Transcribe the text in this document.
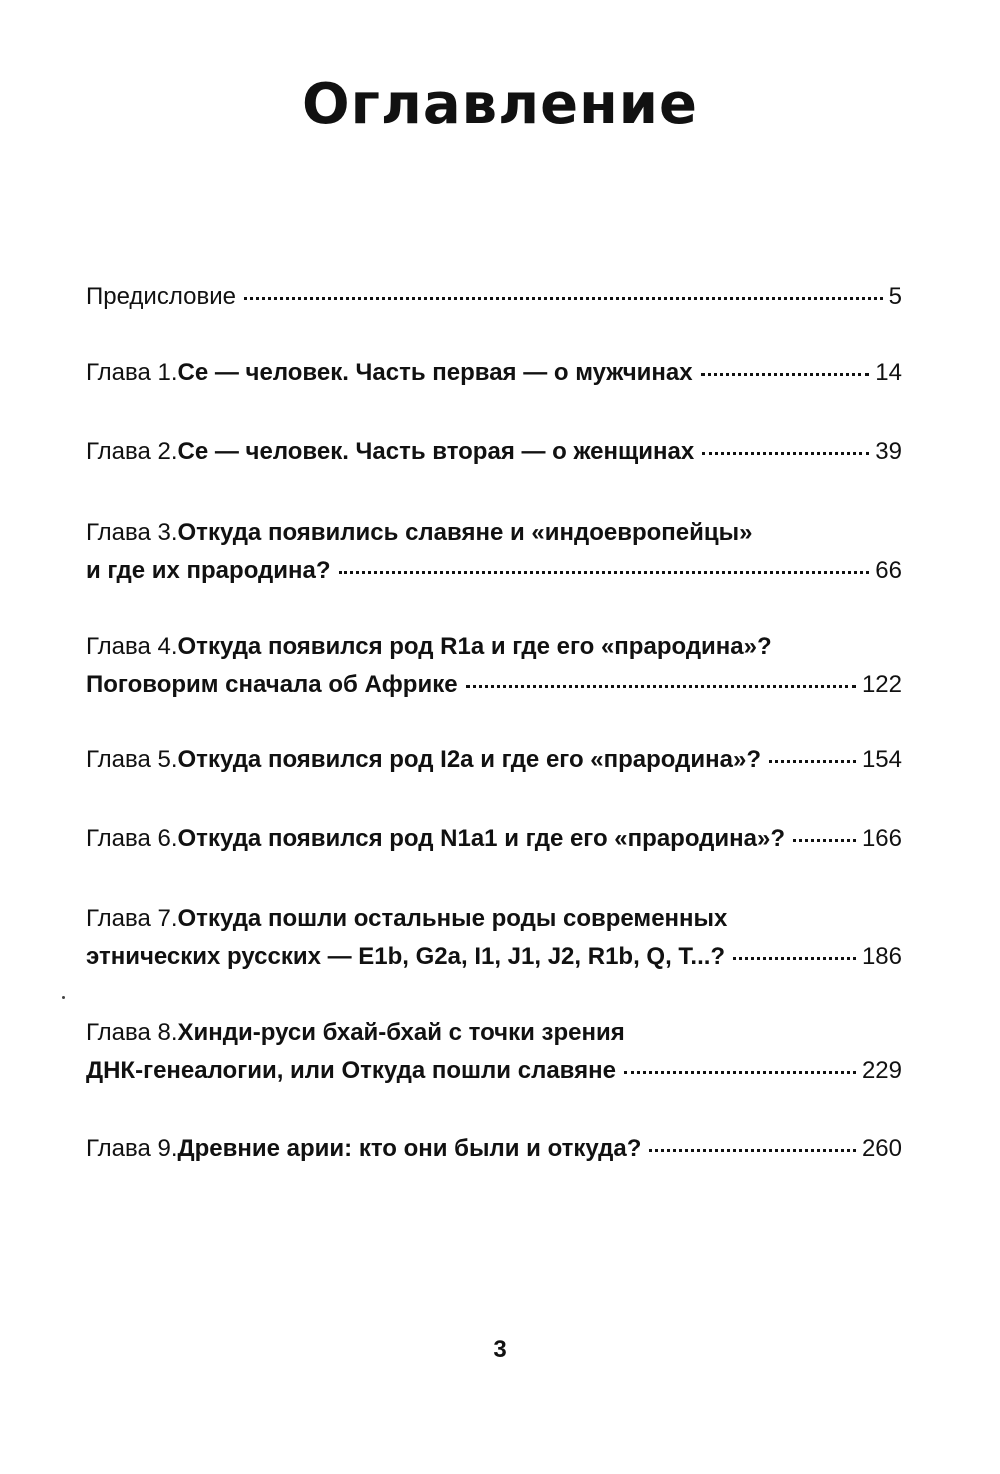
Оглавление
Предисловие	5
Глава 1. Се — человек. Часть первая — о мужчинах	14
Глава 2. Се — человек. Часть вторая — о женщинах	39
Глава 3. Откуда появились славяне и «индоевропейцы»
и где их прародина?	66
Глава 4. Откуда появился род R1a и где его «прародина»?
Поговорим сначала об Африке	122
Глава 5. Откуда появился род I2a и где его «прародина»?	154
Глава 6. Откуда появился род N1a1 и где его «прародина»?	166
Глава 7. Откуда пошли остальные роды современных
этнических русских — E1b, G2a, I1, J1, J2, R1b, Q, T...?	186
Глава 8. Хинди-руси бхай-бхай с точки зрения
ДНК-генеалогии, или Откуда пошли славяне	229
Глава 9. Древние арии: кто они были и откуда?	260
3
